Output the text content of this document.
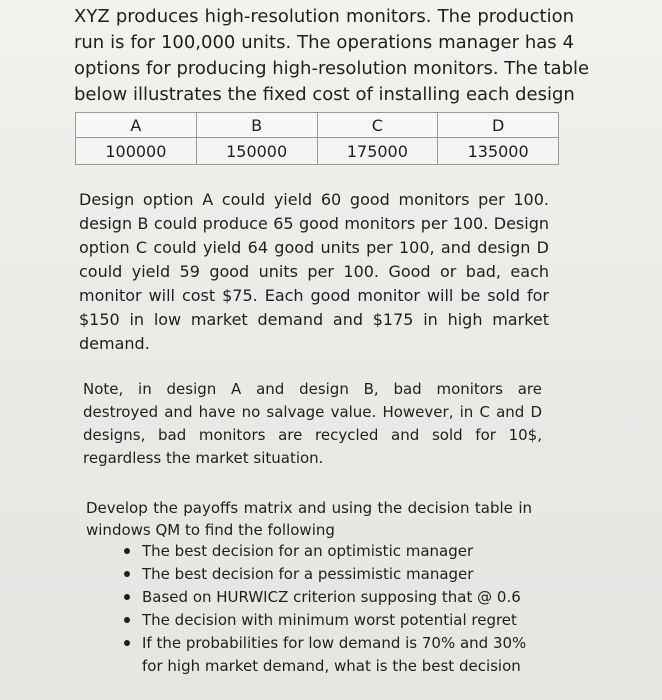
XYZ produces high-resolution monitors. The production
run is for 100,000 units. The operations manager has 4
options for producing high-resolution monitors. The table
below illustrates the fixed cost of installing each design

A	B	C	D
100000	150000	175000	135000

Design option A could yield 60 good monitors per 100.
design B could produce 65 good monitors per 100. Design
option C could yield 64 good units per 100, and design D
could yield 59 good units per 100. Good or bad, each
monitor will cost $75. Each good monitor will be sold for
$150 in low market demand and $175 in high market
demand.

Note, in design A and design B, bad monitors are
destroyed and have no salvage value. However, in C and D
designs, bad monitors are recycled and sold for 10$,
regardless the market situation.

Develop the payoffs matrix and using the decision table in
windows QM to find the following

The best decision for an optimistic manager
The best decision for a pessimistic manager
Based on HURWICZ criterion supposing that @ 0.6
The decision with minimum worst potential regret
If the probabilities for low demand is 70% and 30%
for high market demand, what is the best decision
